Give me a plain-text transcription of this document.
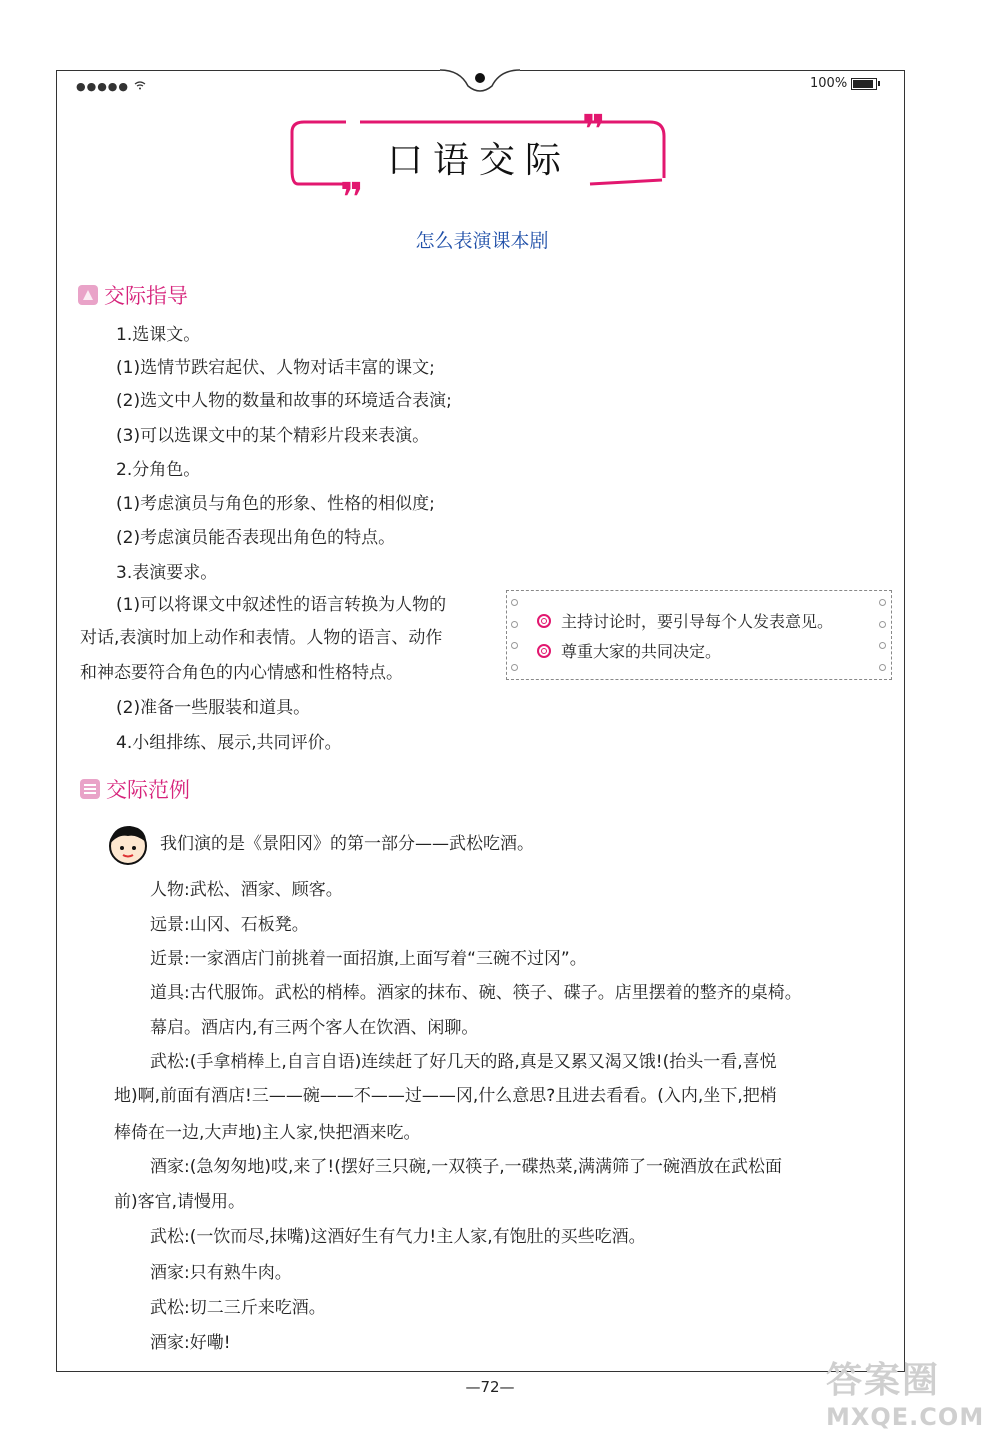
●●●●●	100%
口语交际
❞
❞
怎么表演课本剧
交际指导
1.选课文。
(1)选情节跌宕起伏、人物对话丰富的课文;
(2)选文中人物的数量和故事的环境适合表演;
(3)可以选课文中的某个精彩片段来表演。
2.分角色。
(1)考虑演员与角色的形象、性格的相似度;
(2)考虑演员能否表现出角色的特点。
3.表演要求。
(1)可以将课文中叙述性的语言转换为人物的
对话,表演时加上动作和表情。人物的语言、动作
和神态要符合角色的内心情感和性格特点。
(2)准备一些服装和道具。
4.小组排练、展示,共同评价。
主持讨论时，要引导每个人发表意见。
尊重大家的共同决定。
交际范例
我们演的是《景阳冈》的第一部分——武松吃酒。
人物:武松、酒家、顾客。
远景:山冈、石板凳。
近景:一家酒店门前挑着一面招旗,上面写着“三碗不过冈”。
道具:古代服饰。武松的梢棒。酒家的抹布、碗、筷子、碟子。店里摆着的整齐的桌椅。
幕启。酒店内,有三两个客人在饮酒、闲聊。
武松:(手拿梢棒上,自言自语)连续赶了好几天的路,真是又累又渴又饿!(抬头一看,喜悦
地)啊,前面有酒店!三——碗——不——过——冈,什么意思?且进去看看。(入内,坐下,把梢
棒倚在一边,大声地)主人家,快把酒来吃。
酒家:(急匆匆地)哎,来了!(摆好三只碗,一双筷子,一碟热菜,满满筛了一碗酒放在武松面
前)客官,请慢用。
武松:(一饮而尽,抹嘴)这酒好生有气力!主人家,有饱肚的买些吃酒。
酒家:只有熟牛肉。
武松:切二三斤来吃酒。
酒家:好嘞!
—72—	答案圈
MXQE.COM
